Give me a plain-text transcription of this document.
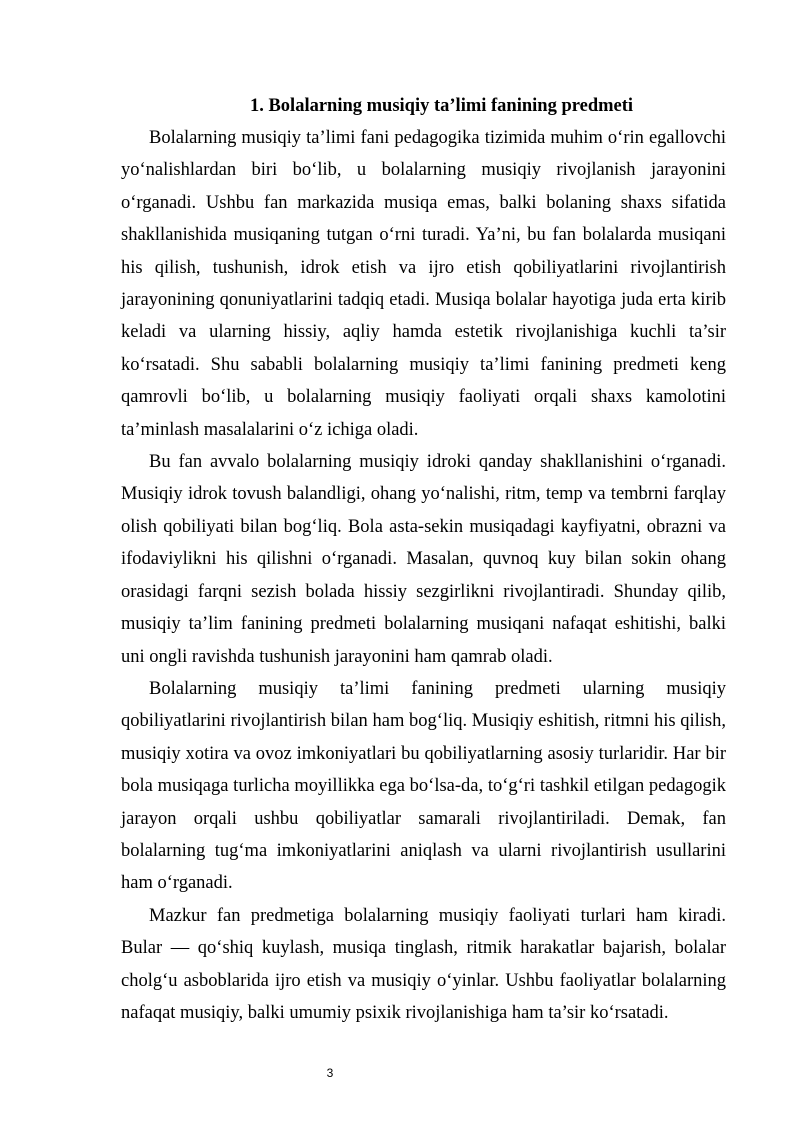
1. Bolalarning musiqiy ta’limi fanining predmeti

Bolalarning musiqiy ta’limi fani pedagogika tizimida muhim o‘rin egallovchi yo‘nalishlardan biri bo‘lib, u bolalarning musiqiy rivojlanish jarayonini o‘rganadi. Ushbu fan markazida musiqa emas, balki bolaning shaxs sifatida shakllanishida musiqaning tutgan o‘rni turadi. Ya’ni, bu fan bolalarda musiqani his qilish, tushunish, idrok etish va ijro etish qobiliyatlarini rivojlantirish jarayonining qonuniyatlarini tadqiq etadi. Musiqa bolalar hayotiga juda erta kirib keladi va ularning hissiy, aqliy hamda estetik rivojlanishiga kuchli ta’sir ko‘rsatadi. Shu sababli bolalarning musiqiy ta’limi fanining predmeti keng qamrovli bo‘lib, u bolalarning musiqiy faoliyati orqali shaxs kamolotini ta’minlash masalalarini o‘z ichiga oladi.

Bu fan avvalo bolalarning musiqiy idroki qanday shakllanishini o‘rganadi. Musiqiy idrok tovush balandligi, ohang yo‘nalishi, ritm, temp va tembrni farqlay olish qobiliyati bilan bog‘liq. Bola asta-sekin musiqadagi kayfiyatni, obrazni va ifodaviylikni his qilishni o‘rganadi. Masalan, quvnoq kuy bilan sokin ohang orasidagi farqni sezish bolada hissiy sezgirlikni rivojlantiradi. Shunday qilib, musiqiy ta’lim fanining predmeti bolalarning musiqani nafaqat eshitishi, balki uni ongli ravishda tushunish jarayonini ham qamrab oladi.

Bolalarning musiqiy ta’limi fanining predmeti ularning musiqiy qobiliyatlarini rivojlantirish bilan ham bog‘liq. Musiqiy eshitish, ritmni his qilish, musiqiy xotira va ovoz imkoniyatlari bu qobiliyatlarning asosiy turlaridir. Har bir bola musiqaga turlicha moyillikka ega bo‘lsa-da, to‘g‘ri tashkil etilgan pedagogik jarayon orqali ushbu qobiliyatlar samarali rivojlantiriladi. Demak, fan bolalarning tug‘ma imkoniyatlarini aniqlash va ularni rivojlantirish usullarini ham o‘rganadi.

Mazkur fan predmetiga bolalarning musiqiy faoliyati turlari ham kiradi. Bular — qo‘shiq kuylash, musiqa tinglash, ritmik harakatlar bajarish, bolalar cholg‘u asboblarida ijro etish va musiqiy o‘yinlar. Ushbu faoliyatlar bolalarning nafaqat musiqiy, balki umumiy psixik rivojlanishiga ham ta’sir ko‘rsatadi.

3
